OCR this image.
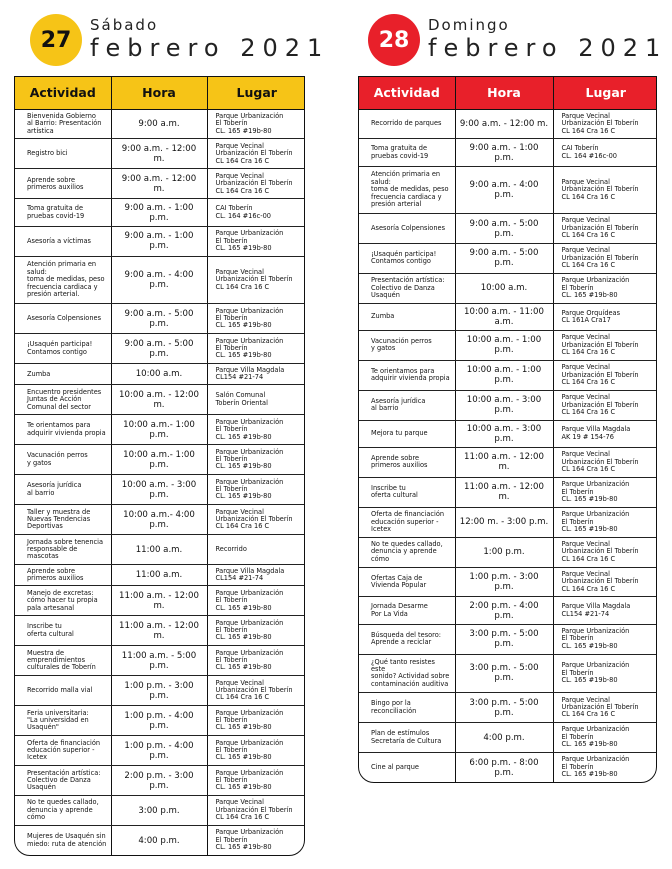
27
Sábado
febrero 2021
Actividad	Hora	Lugar

Bienvenida Gobierno
al Barrio: Presentación
artística	9:00 a.m.	Parque Urbanización
El Toberín
CL. 165 #19b-80

Registro bici	9:00 a.m. - 12:00 m.	Parque Vecinal
Urbanización El Toberín
CL 164 Cra 16 C

Aprende sobre
primeros auxilios	9:00 a.m. - 12:00 m.	Parque Vecinal
Urbanización El Toberín
CL 164 Cra 16 C

Toma gratuita de
pruebas covid-19	9:00 a.m. - 1:00 p.m.	CAI Toberín
CL. 164 #16c-00

Asesoría a víctimas	9:00 a.m. - 1:00 p.m.	Parque Urbanización
El Toberín
CL. 165 #19b-80

Atención primaria en salud:
toma de medidas, peso
frecuencia cardiaca y
presión arterial.	9:00 a.m. - 4:00 p.m.	Parque Vecinal
Urbanización El Toberín
CL 164 Cra 16 C

Asesoría Colpensiones	9:00 a.m. - 5:00 p.m.	Parque Urbanización
El Toberín
CL. 165 #19b-80

¡Usaquén participa!
Contamos contigo	9:00 a.m. - 5:00 p.m.	Parque Urbanización
El Toberín
CL. 165 #19b-80

Zumba	10:00 a.m.	Parque Villa Magdala
CL154 #21-74

Encuentro presidentes
Juntas de Acción
Comunal del sector	10:00 a.m. - 12:00 m.	Salón Comunal
Toberín Oriental

Te orientamos para
adquirir vivienda propia	10:00 a.m.- 1:00 p.m.	Parque Urbanización
El Toberín
CL. 165 #19b-80

Vacunación perros
y gatos	10:00 a.m.- 1:00 p.m.	Parque Urbanización
El Toberín
CL. 165 #19b-80

Asesoría jurídica
al barrio	10:00 a.m. - 3:00 p.m.	Parque Urbanización
El Toberín
CL. 165 #19b-80

Taller y muestra de
Nuevas Tendencias
Deportivas	10:00 a.m.- 4:00 p.m.	Parque Vecinal
Urbanización El Toberín
CL 164 Cra 16 C

Jornada sobre tenencia
responsable de mascotas	11:00 a.m.	Recorrido

Aprende sobre
primeros auxilios	11:00 a.m.	Parque Villa Magdala
CL154 #21-74

Manejo de excretas:
cómo hacer tu propia
pala artesanal	11:00 a.m. - 12:00 m.	Parque Urbanización
El Toberín
CL. 165 #19b-80

Inscribe tu
oferta cultural	11:00 a.m. - 12:00 m.	Parque Urbanización
El Toberín
CL. 165 #19b-80

Muestra de
emprendimientos
culturales de Toberín	11:00 a.m. - 5:00 p.m.	Parque Urbanización
El Toberín
CL. 165 #19b-80

Recorrido malla vial	1:00 p.m. - 3:00 p.m.	Parque Vecinal
Urbanización El Toberín
CL 164 Cra 16 C

Feria universitaria:
"La universidad en
Usaquén"	1:00 p.m. - 4:00 p.m.	Parque Urbanización
El Toberín
CL. 165 #19b-80

Oferta de financiación
educación superior -
Icetex	1:00 p.m. - 4:00 p.m.	Parque Urbanización
El Toberín
CL. 165 #19b-80

Presentación artística:
Colectivo de Danza
Usaquén	2:00 p.m. - 3:00 p.m.	Parque Urbanización
El Toberín
CL. 165 #19b-80

No te quedes callado,
denuncia y aprende cómo	3:00 p.m.	Parque Vecinal
Urbanización El Toberín
CL 164 Cra 16 C

Mujeres de Usaquén sin
miedo: ruta de atención	4:00 p.m.	Parque Urbanización
El Toberín
CL. 165 #19b-80
28
Domingo
febrero 2021
Actividad	Hora	Lugar

Recorrido de parques	9:00 a.m. - 12:00 m.	Parque Vecinal
Urbanización El Toberín
CL 164 Cra 16 C

Toma gratuita de
pruebas covid-19	9:00 a.m. - 1:00 p.m.	CAI Toberín
CL. 164 #16c-00

Atención primaria en salud:
toma de medidas, peso
frecuencia cardiaca y
presión arterial	9:00 a.m. - 4:00 p.m.	Parque Vecinal
Urbanización El Toberín
CL 164 Cra 16 C

Asesoría Colpensiones	9:00 a.m. - 5:00 p.m.	Parque Vecinal
Urbanización El Toberín
CL 164 Cra 16 C

¡Usaquén participa!
Contamos contigo	9:00 a.m. - 5:00 p.m.	Parque Vecinal
Urbanización El Toberín
CL 164 Cra 16 C

Presentación artística:
Colectivo de Danza
Usaquén	10:00 a.m.	Parque Urbanización
El Toberín
CL. 165 #19b-80

Zumba	10:00 a.m. - 11:00 a.m.	Parque Orquídeas
CL 161A Cra17

Vacunación perros
y gatos	10:00 a.m. - 1:00 p.m.	Parque Vecinal
Urbanización El Toberín
CL 164 Cra 16 C

Te orientamos para
adquirir vivienda propia	10:00 a.m. - 1:00 p.m.	Parque Vecinal
Urbanización El Toberín
CL 164 Cra 16 C

Asesoría jurídica
al barrio	10:00 a.m. - 3:00 p.m.	Parque Vecinal
Urbanización El Toberín
CL 164 Cra 16 C

Mejora tu parque	10:00 a.m. - 3:00 p.m.	Parque Villa Magdala
AK 19 # 154-76

Aprende sobre
primeros auxilios	11:00 a.m. - 12:00 m.	Parque Vecinal
Urbanización El Toberín
CL 164 Cra 16 C

Inscribe tu
oferta cultural	11:00 a.m. - 12:00 m.	Parque Urbanización
El Toberín
CL. 165 #19b-80

Oferta de financiación
educación superior -
Icetex	12:00 m. - 3:00 p.m.	Parque Urbanización
El Toberín
CL. 165 #19b-80

No te quedes callado,
denuncia y aprende cómo	1:00 p.m.	Parque Vecinal
Urbanización El Toberín
CL 164 Cra 16 C

Ofertas Caja de
Vivienda Popular	1:00 p.m. - 3:00 p.m.	Parque Vecinal
Urbanización El Toberín
CL 164 Cra 16 C

Jornada Desarme
Por La Vida	2:00 p.m. - 4:00 p.m.	Parque Villa Magdala
CL154 #21-74

Búsqueda del tesoro:
Aprende a reciclar	3:00 p.m. - 5:00 p.m.	Parque Urbanización
El Toberín
CL. 165 #19b-80

¿Qué tanto resistes este
sonido? Actividad sobre
contaminación auditiva	3:00 p.m. - 5:00 p.m.	Parque Urbanización
El Toberín
CL. 165 #19b-80

Bingo por la
reconciliación	3:00 p.m. - 5:00 p.m.	Parque Vecinal
Urbanización El Toberín
CL 164 Cra 16 C

Plan de estímulos
Secretaría de Cultura	4:00 p.m.	Parque Urbanización
El Toberín
CL. 165 #19b-80

Cine al parque	6:00 p.m. - 8:00 p.m.	Parque Urbanización
El Toberín
CL. 165 #19b-80
